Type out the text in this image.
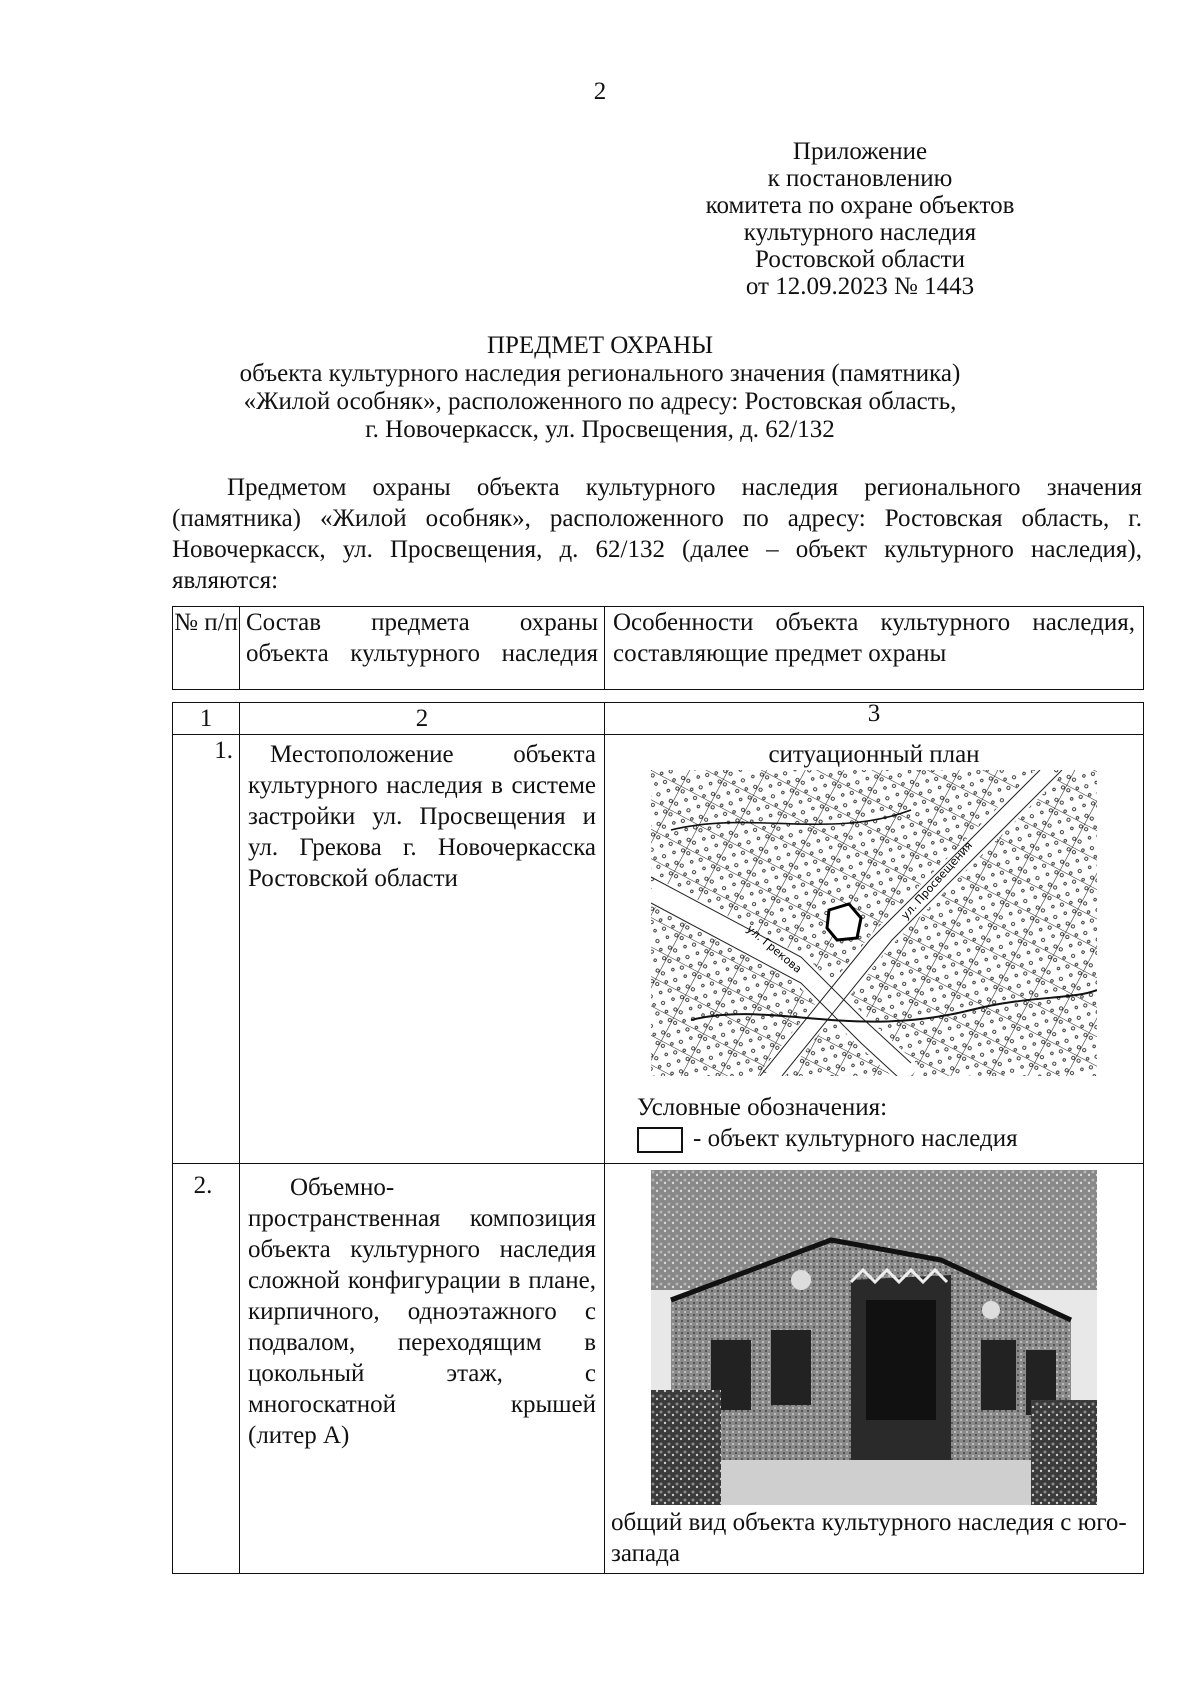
2
Приложение
к постановлению
комитета по охране объектов
культурного наследия
Ростовской области
от 12.09.2023 № 1443
ПРЕДМЕТ ОХРАНЫ
объекта культурного наследия регионального значения (памятника)
«Жилой особняк», расположенного по адресу: Ростовская область,
г. Новочеркасск, ул. Просвещения, д. 62/132

Предметом охраны объекта культурного наследия регионального значения (памятника) «Жилой особняк», расположенного по адресу: Ростовская область, г. Новочеркасск, ул. Просвещения, д. 62/132 (далее – объект культурного наследия), являются:

№ п/п	Состав предмета охраны объекта культурного наследия	Особенности объекта культурного наследия, составляющие предмет охраны
1	2	3
1.	Местоположение объекта культурного наследия в системе застройки ул. Просвещения и ул. Грекова г. Новочеркасска Ростовской области	ситуационный план
ул. Грекова
ул. Просвещения
Условные обозначения:
- объект культурного наследия

2.	Объемно-
пространственная композиция объекта культурного наследия сложной конфигурации в плане, кирпичного, одноэтажного с подвалом, переходящим в цокольный этаж, с многоскатной крышей
(литер А)	общий вид объекта культурного наследия с юго-запада
